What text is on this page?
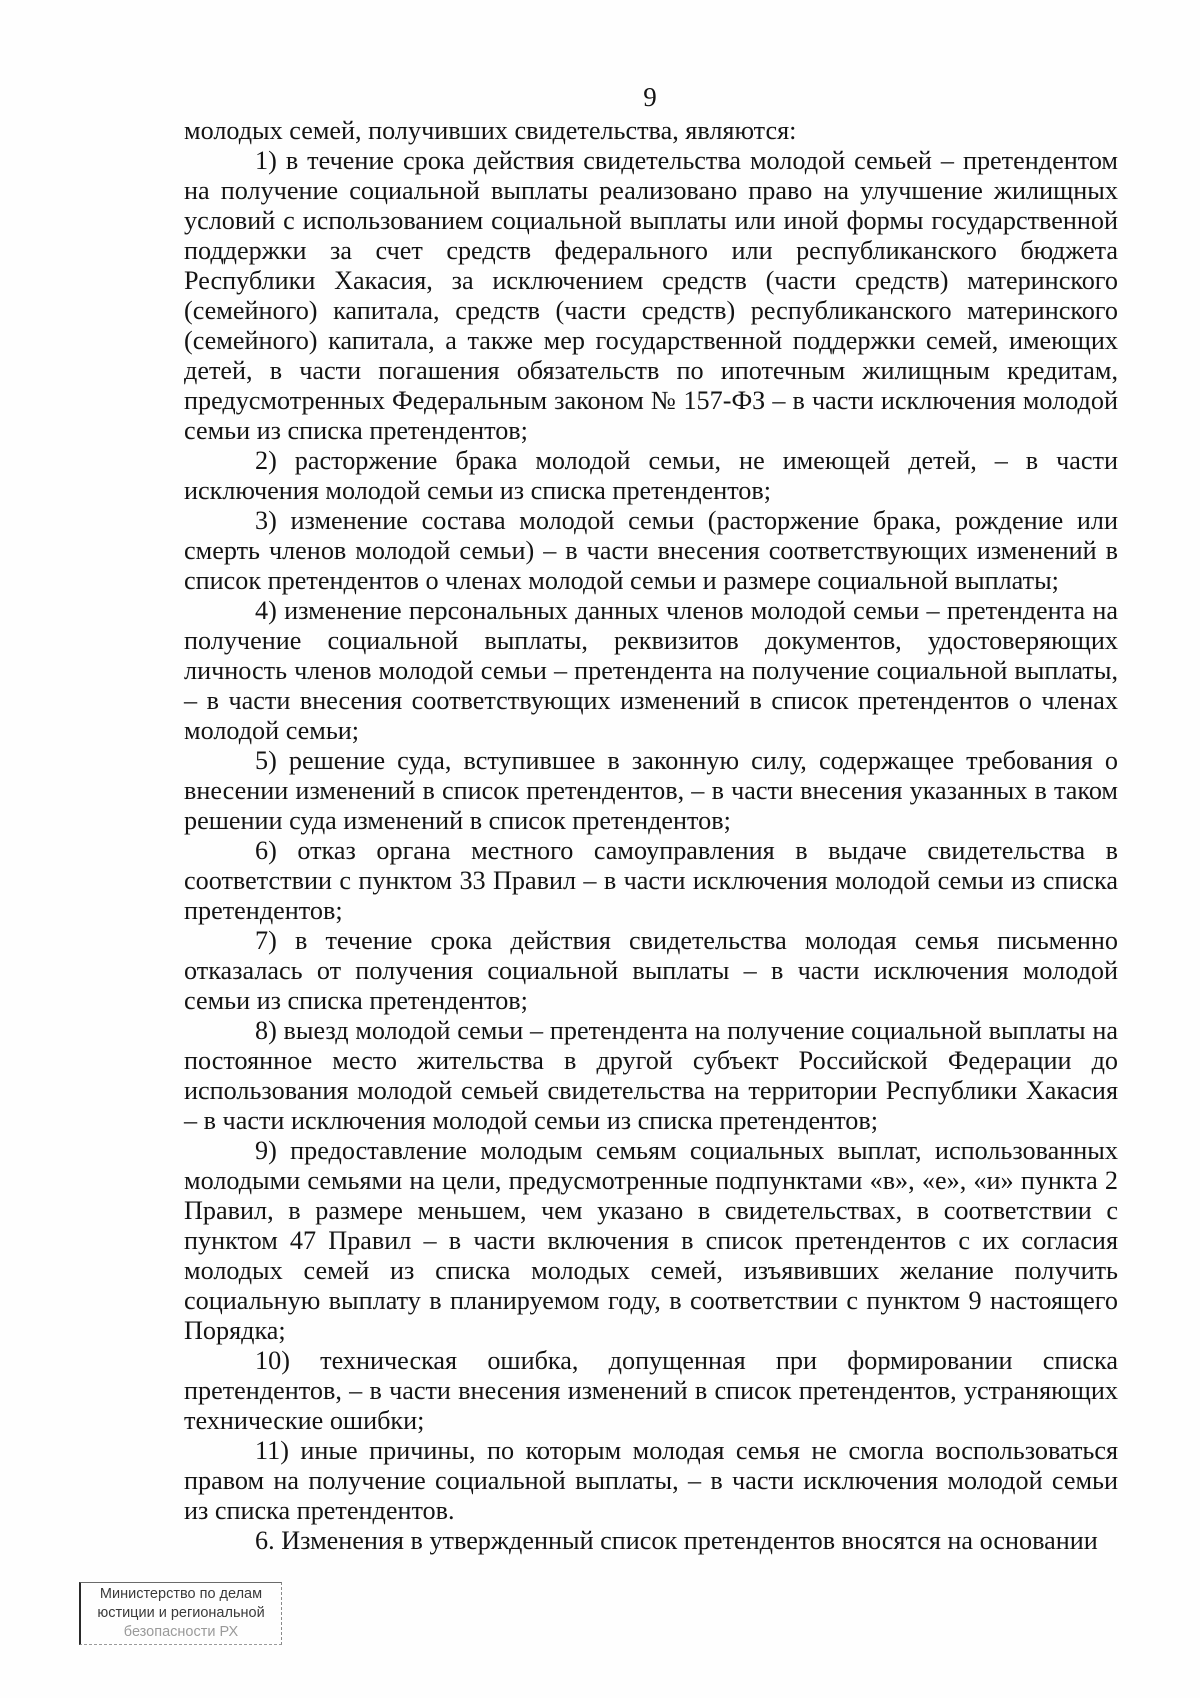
9

молодых семей, получивших свидетельства, являются:

1) в течение срока действия свидетельства молодой семьей – претендентом на получение социальной выплаты реализовано право на улучшение жилищных условий с использованием социальной выплаты или иной формы государственной поддержки за счет средств федерального или республиканского бюджета Республики Хакасия, за исключением средств (части средств) материнского (семейного) капитала, средств (части средств) республиканского материнского (семейного) капитала, а также мер государственной поддержки семей, имеющих детей, в части погашения обязательств по ипотечным жилищным кредитам, предусмотренных Федеральным законом № 157-ФЗ – в части исключения молодой семьи из списка претендентов;

2) расторжение брака молодой семьи, не имеющей детей, – в части исключения молодой семьи из списка претендентов;

3) изменение состава молодой семьи (расторжение брака, рождение или смерть членов молодой семьи) – в части внесения соответствующих изменений в список претендентов о членах молодой семьи и размере социальной выплаты;

4) изменение персональных данных членов молодой семьи – претендента на получение социальной выплаты, реквизитов документов, удостоверяющих личность членов молодой семьи – претендента на получение социальной выплаты, – в части внесения соответствующих изменений в список претендентов о членах молодой семьи;

5) решение суда, вступившее в законную силу, содержащее требования о внесении изменений в список претендентов, – в части внесения указанных в таком решении суда изменений в список претендентов;

6) отказ органа местного самоуправления в выдаче свидетельства в соответствии с пунктом 33 Правил – в части исключения молодой семьи из списка претендентов;

7) в течение срока действия свидетельства молодая семья письменно отказалась от получения социальной выплаты – в части исключения молодой семьи из списка претендентов;

8) выезд молодой семьи – претендента на получение социальной выплаты на постоянное место жительства в другой субъект Российской Федерации до использования молодой семьей свидетельства на территории Республики Хакасия – в части исключения молодой семьи из списка претендентов;

9) предоставление молодым семьям социальных выплат, использованных молодыми семьями на цели, предусмотренные подпунктами «в», «е», «и» пункта 2 Правил, в размере меньшем, чем указано в свидетельствах, в соответствии с пунктом 47 Правил – в части включения в список претендентов с их согласия молодых семей из списка молодых семей, изъявивших желание получить социальную выплату в планируемом году, в соответствии с пунктом 9 настоящего Порядка;

10) техническая ошибка, допущенная при формировании списка претендентов, – в части внесения изменений в список претендентов, устраняющих технические ошибки;

11) иные причины, по которым молодая семья не смогла воспользоваться правом на получение социальной выплаты, – в части исключения молодой семьи из списка претендентов.

6. Изменения в утвержденный список претендентов вносятся на основании

Министерство по делам
юстиции и региональной
безопасности РХ
